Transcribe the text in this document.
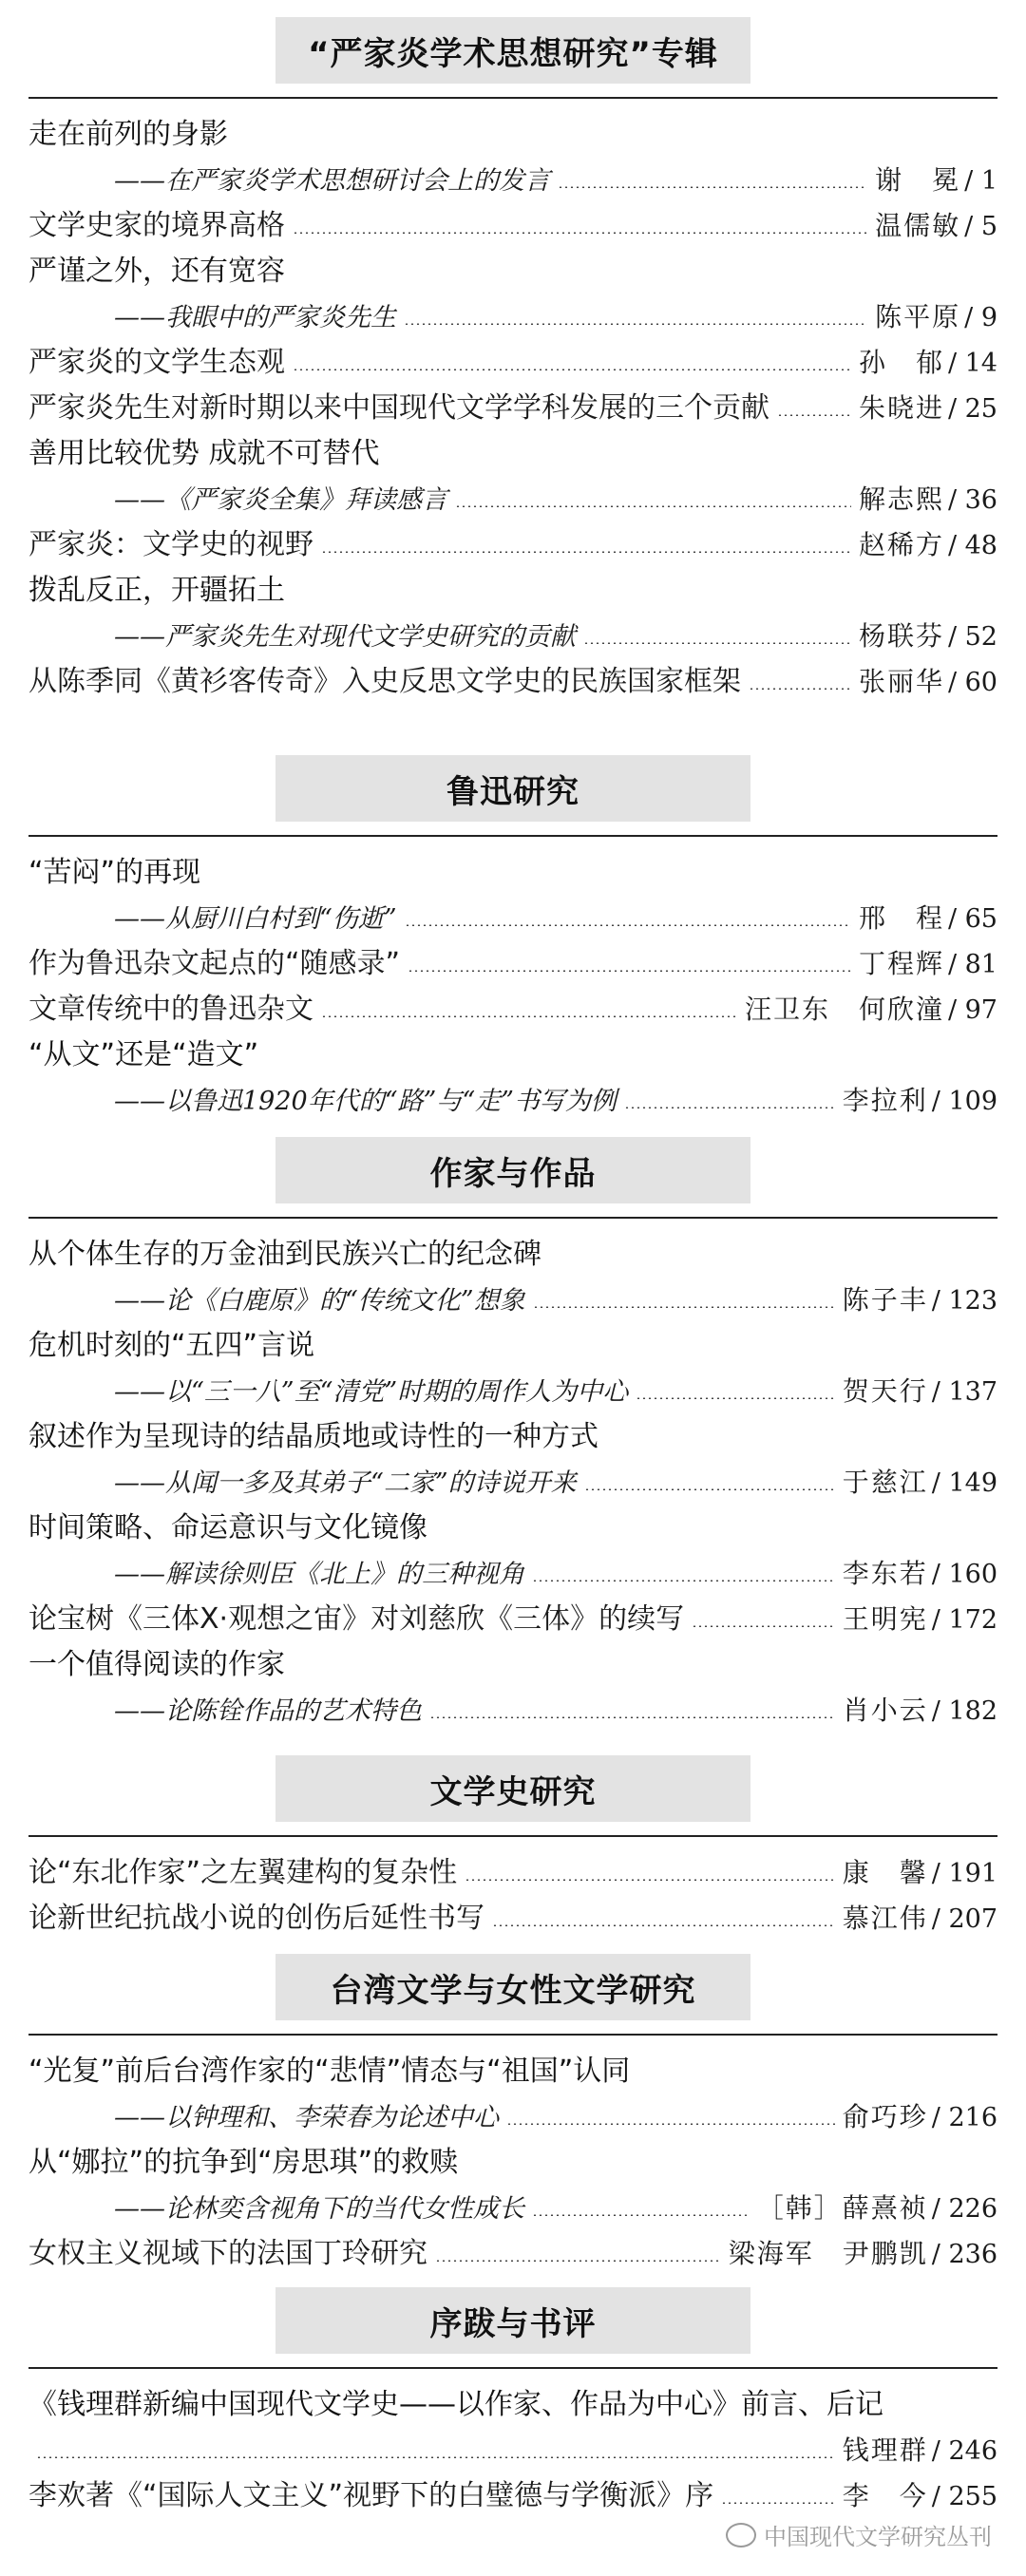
“严家炎学术思想研究”专辑
走在前列的身影
——在严家炎学术思想研讨会上的发言	谢　冕 / 1
文学史家的境界高格	温儒敏 / 5
严谨之外，还有宽容
——我眼中的严家炎先生	陈平原 / 9
严家炎的文学生态观	孙　郁 / 14
严家炎先生对新时期以来中国现代文学学科发展的三个贡献	朱晓进 / 25
善用比较优势 成就不可替代
——《严家炎全集》拜读感言	解志熙 / 36
严家炎：文学史的视野	赵稀方 / 48
拨乱反正，开疆拓土
——严家炎先生对现代文学史研究的贡献	杨联芬 / 52
从陈季同《黄衫客传奇》入史反思文学史的民族国家框架	张丽华 / 60
鲁迅研究
“苦闷”的再现
——从厨川白村到“伤逝”	邢　程 / 65
作为鲁迅杂文起点的“随感录”	丁程辉 / 81
文章传统中的鲁迅杂文	汪卫东　何欣潼 / 97
“从文”还是“造文”
——以鲁迅1920年代的“路”与“走”书写为例	李拉利 / 109
作家与作品
从个体生存的万金油到民族兴亡的纪念碑
——论《白鹿原》的“传统文化”想象	陈子丰 / 123
危机时刻的“五四”言说
——以“三一八”至“清党”时期的周作人为中心	贺天行 / 137
叙述作为呈现诗的结晶质地或诗性的一种方式
——从闻一多及其弟子“二家”的诗说开来	于慈江 / 149
时间策略、命运意识与文化镜像
——解读徐则臣《北上》的三种视角	李东若 / 160
论宝树《三体X·观想之宙》对刘慈欣《三体》的续写	王明宪 / 172
一个值得阅读的作家
——论陈铨作品的艺术特色	肖小云 / 182
文学史研究
论“东北作家”之左翼建构的复杂性	康　馨 / 191
论新世纪抗战小说的创伤后延性书写	慕江伟 / 207
台湾文学与女性文学研究
“光复”前后台湾作家的“悲情”情态与“祖国”认同
——以钟理和、李荣春为论述中心	俞巧珍 / 216
从“娜拉”的抗争到“房思琪”的救赎
——论林奕含视角下的当代女性成长	［韩］薛熹祯 / 226
女权主义视域下的法国丁玲研究	梁海军　尹鹏凯 / 236
序跋与书评
《钱理群新编中国现代文学史——以作家、作品为中心》前言、后记
钱理群 / 246
李欢著《“国际人文主义”视野下的白璧德与学衡派》序	李　今 / 255
中国现代文学研究丛刊
